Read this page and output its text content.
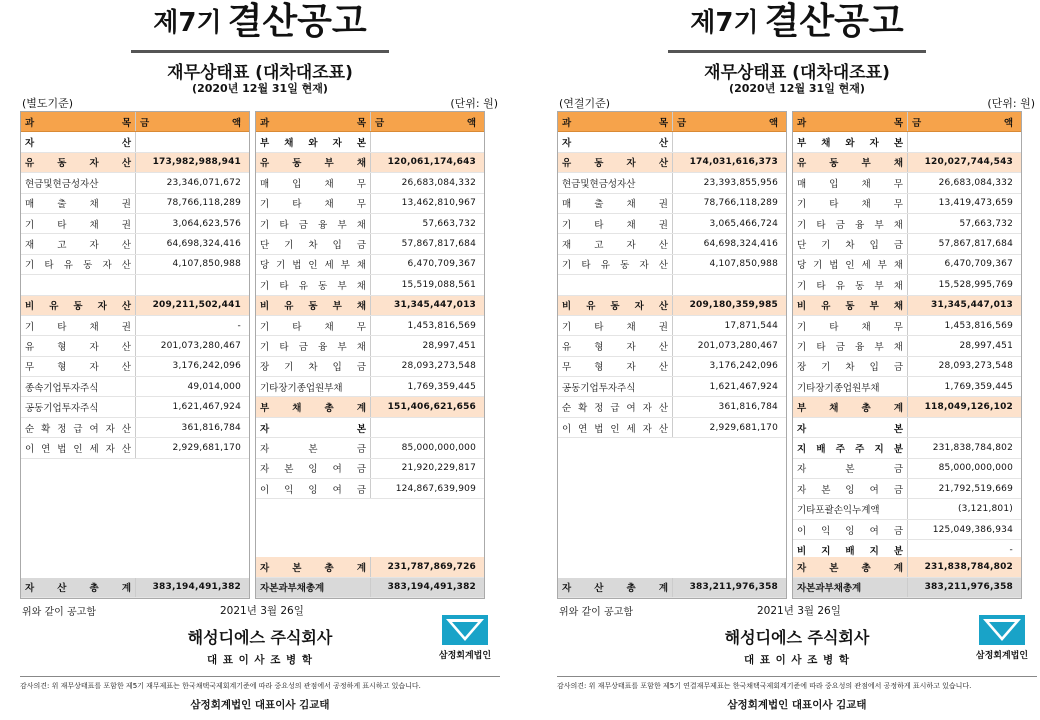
제7기 결산공고
재무상태표 (대차대조표)
(2020년 12월 31일 현재)
(별도기준)	(단위: 원)
과 목 금 액
자 산
유 동 자 산	173,982,988,941
현금및현금성자산	23,346,071,672
매 출 채 권	78,766,118,289
기 타 채 권	3,064,623,576
재 고 자 산	64,698,324,416
기 타 유 동 자 산	4,107,850,988
비 유 동 자 산	209,211,502,441
기 타 채 권	-
유 형 자 산	201,073,280,467
무 형 자 산	3,176,242,096
종속기업투자주식	49,014,000
공동기업투자주식	1,621,467,924
순 확 정 급 여 자 산	361,816,784
이 연 법 인 세 자 산	2,929,681,170
자 산 총 계	383,194,491,382
과 목 금 액
부 채 와 자 본
유 동 부 채	120,061,174,643
매 입 채 무	26,683,084,332
기 타 채 무	13,462,810,967
기 타 금 융 부 채	57,663,732
단 기 차 입 금	57,867,817,684
당 기 법 인 세 부 채	6,470,709,367
기 타 유 동 부 채	15,519,088,561
비 유 동 부 채	31,345,447,013
기 타 채 무	1,453,816,569
기 타 금 융 부 채	28,997,451
장 기 차 입 금	28,093,273,548
기타장기종업원부채	1,769,359,445
부 채 총 계	151,406,621,656
자 본
자 본 금	85,000,000,000
자 본 잉 여 금	21,920,229,817
이 익 잉 여 금	124,867,639,909
자 본 총 계	231,787,869,726
자본과부채총계	383,194,491,382
위와 같이 공고함	2021년 3월 26일
해성디에스 주식회사
대 표 이 사 조 병 학	삼정회계법인
감사의견: 위 재무상태표를 포함한 제5기 재무제표는 한국채택국제회계기준에 따라 중요성의 관점에서 공정하게 표시하고 있습니다.
삼정회계법인 대표이사 김교태
제7기 결산공고
재무상태표 (대차대조표)
(2020년 12월 31일 현재)
(연결기준)	(단위: 원)
과 목 금 액
자 산
유 동 자 산	174,031,616,373
현금및현금성자산	23,393,855,956
매 출 채 권	78,766,118,289
기 타 채 권	3,065,466,724
재 고 자 산	64,698,324,416
기 타 유 동 자 산	4,107,850,988
비 유 동 자 산	209,180,359,985
기 타 채 권	17,871,544
유 형 자 산	201,073,280,467
무 형 자 산	3,176,242,096
공동기업투자주식	1,621,467,924
순 확 정 급 여 자 산	361,816,784
이 연 법 인 세 자 산	2,929,681,170
자 산 총 계	383,211,976,358
과 목 금 액
부 채 와 자 본
유 동 부 채	120,027,744,543
매 입 채 무	26,683,084,332
기 타 채 무	13,419,473,659
기 타 금 융 부 채	57,663,732
단 기 차 입 금	57,867,817,684
당 기 법 인 세 부 채	6,470,709,367
기 타 유 동 부 채	15,528,995,769
비 유 동 부 채	31,345,447,013
기 타 채 무	1,453,816,569
기 타 금 융 부 채	28,997,451
장 기 차 입 금	28,093,273,548
기타장기종업원부채	1,769,359,445
부 채 총 계	118,049,126,102
자 본
지 배 주 주 지 분	231,838,784,802
자 본 금	85,000,000,000
자 본 잉 여 금	21,792,519,669
기타포괄손익누계액	(3,121,801)
이 익 잉 여 금	125,049,386,934
비 지 배 지 분	-
자 본 총 계	231,838,784,802
자본과부채총계	383,211,976,358
위와 같이 공고함	2021년 3월 26일
해성디에스 주식회사
대 표 이 사 조 병 학	삼정회계법인
감사의견: 위 재무상태표를 포함한 제5기 연결재무제표는 한국채택국제회계기준에 따라 중요성의 관점에서 공정하게 표시하고 있습니다.
삼정회계법인 대표이사 김교태
